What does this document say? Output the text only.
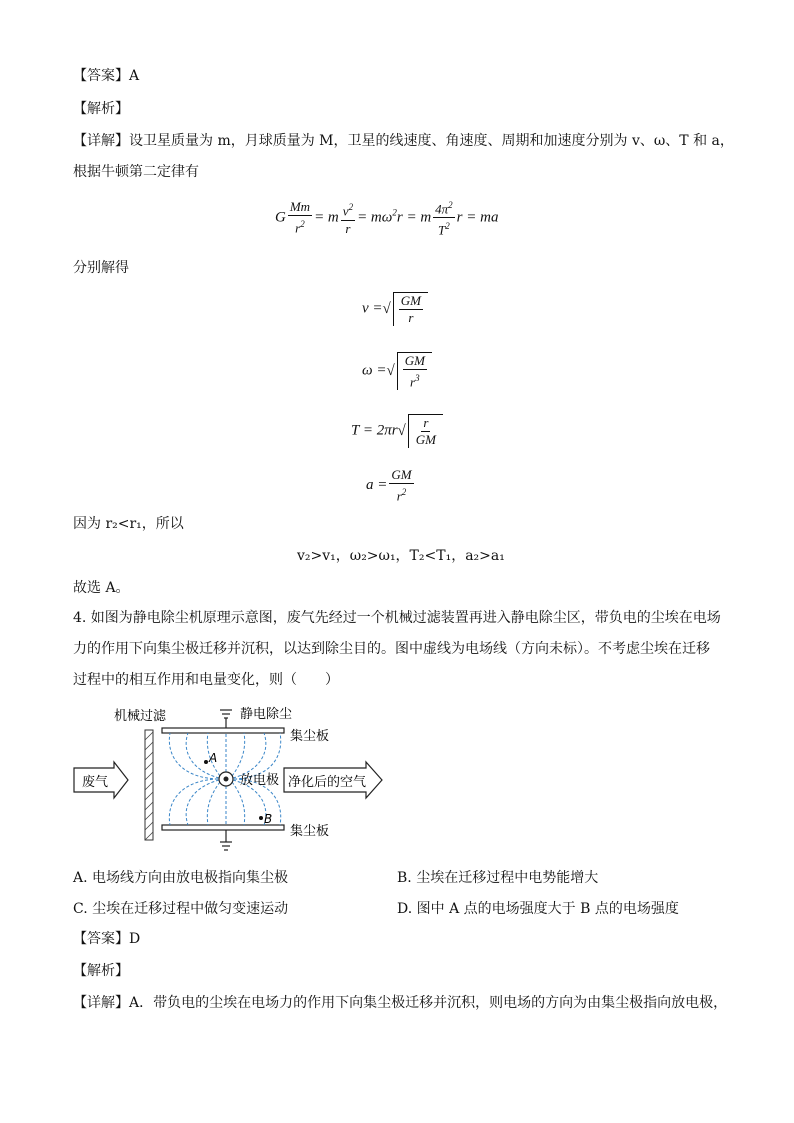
【答案】A
【解析】
【详解】设卫星质量为 m，月球质量为 M，卫星的线速度、角速度、周期和加速度分别为 v、ω、T 和 a，
根据牛顿第二定律有
G $\frac{Mm}{r^2} = m \frac{v^2}{r} = m\omega^2r = m \frac{4\pi^2}{T^2}$ r = ma
分别解得
v =√ $\frac{GM}{r}$
ω =√ $\frac{GM}{r^3}$
$T = 2\pi r√ \frac{r}{GM}$
$a = \frac{GM}{r^2}$
因为 r₂<r₁，所以
v₂>v₁，ω₂>ω₁，T₂<T₁，a₂>a₁
故选 A。
4. 如图为静电除尘机原理示意图，废气先经过一个机械过滤装置再进入静电除尘区，带负电的尘埃在电场
力的作用下向集尘极迁移并沉积，以达到除尘目的。图中虚线为电场线（方向未标）。不考虑尘埃在迁移
过程中的相互作用和电量变化，则（　　）
A
B
机械过滤	静电除尘
集尘板
集尘板
放电极
废气	净化后的空气
A. 电场线方向由放电极指向集尘极	B. 尘埃在迁移过程中电势能增大
C. 尘埃在迁移过程中做匀变速运动	D. 图中 A 点的电场强度大于 B 点的电场强度
【答案】D
【解析】
【详解】A．带负电的尘埃在电场力的作用下向集尘极迁移并沉积，则电场的方向为由集尘极指向放电极，
